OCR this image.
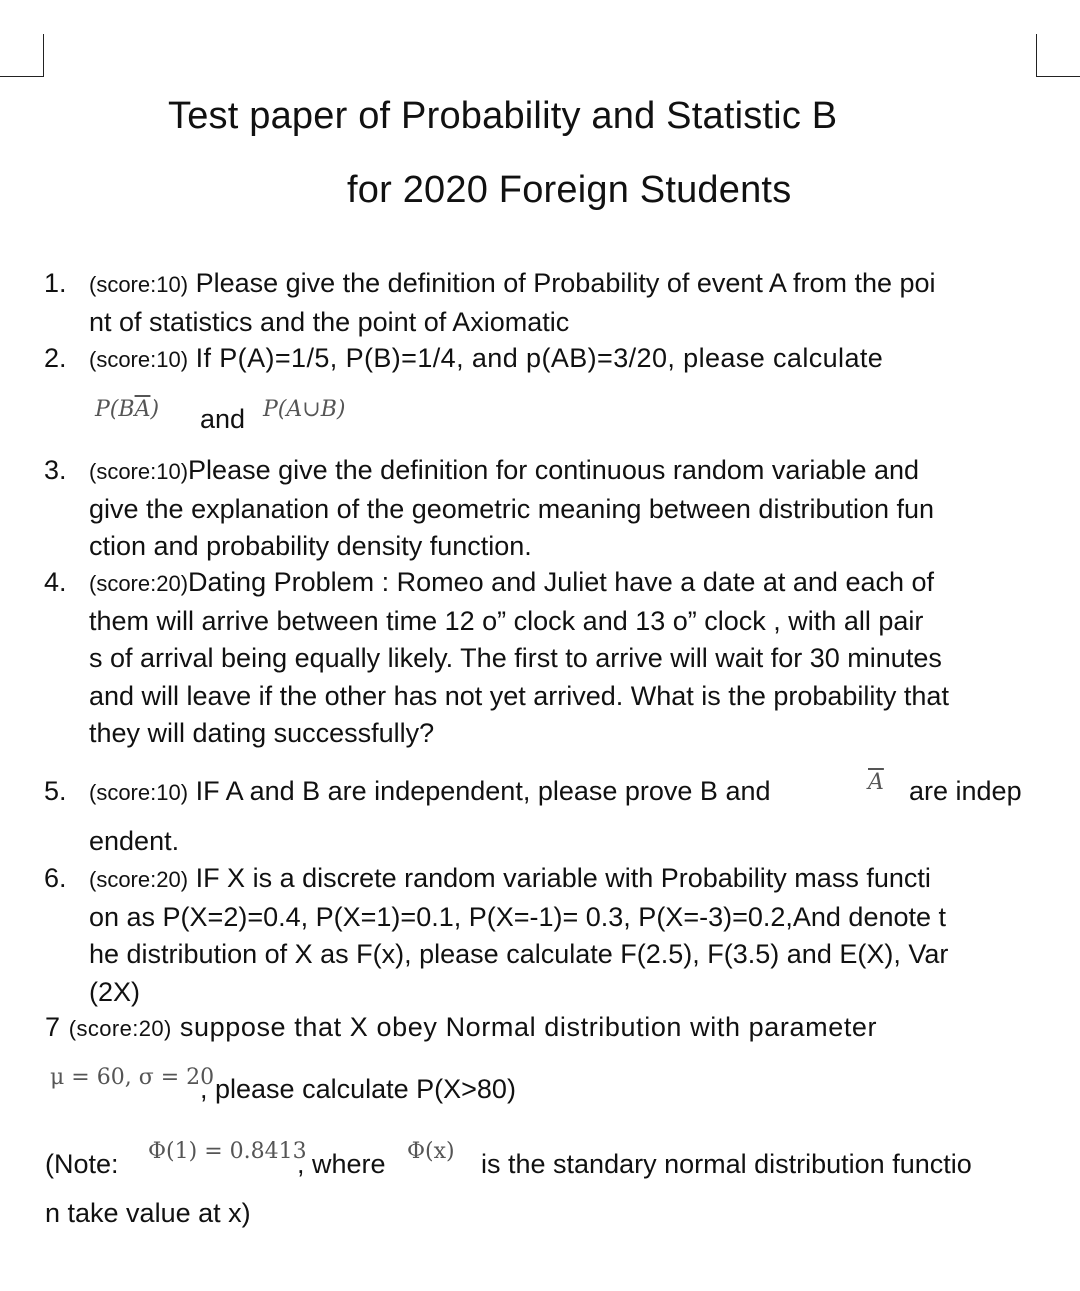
Test paper of Probability and Statistic B
for 2020 Foreign Students
1.	(score:10) Please give the definition of Probability of event A from the poi
nt of statistics and the point of Axiomatic
2.	(score:10) If P(A)=1/5, P(B)=1/4, and p(AB)=3/20, please calculate
$P(B\overline{A})$ and P(A∪B)
3.	(score:10)Please give the definition for continuous random variable and
give the explanation of the geometric meaning between distribution fun
ction and probability density function.
4.	(score:20)Dating Problem : Romeo and Juliet have a date at and each of
them will arrive between time 12 o” clock and 13 o” clock , with all pair
s of arrival being equally likely. The first to arrive will wait for 30 minutes
and will leave if the other has not yet arrived. What is the probability that
they will dating successfully?
5.	(score:10) IF A and B are independent, please prove B and	$\overline{A}$ are indep
endent.
6.	(score:20) IF X is a discrete random variable with Probability mass functi
on as P(X=2)=0.4, P(X=1)=0.1, P(X=-1)= 0.3, P(X=-3)=0.2,And denote t
he distribution of X as F(x), please calculate F(2.5), F(3.5) and E(X), Var
(2X)
7 (score:20) suppose that X obey Normal distribution with parameter
μ = 60, σ = 20
, please calculate P(X>80)
(Note: Φ(1) = 0.8413
, where Φ(x) is the standary normal distribution functio
n take value at x)
